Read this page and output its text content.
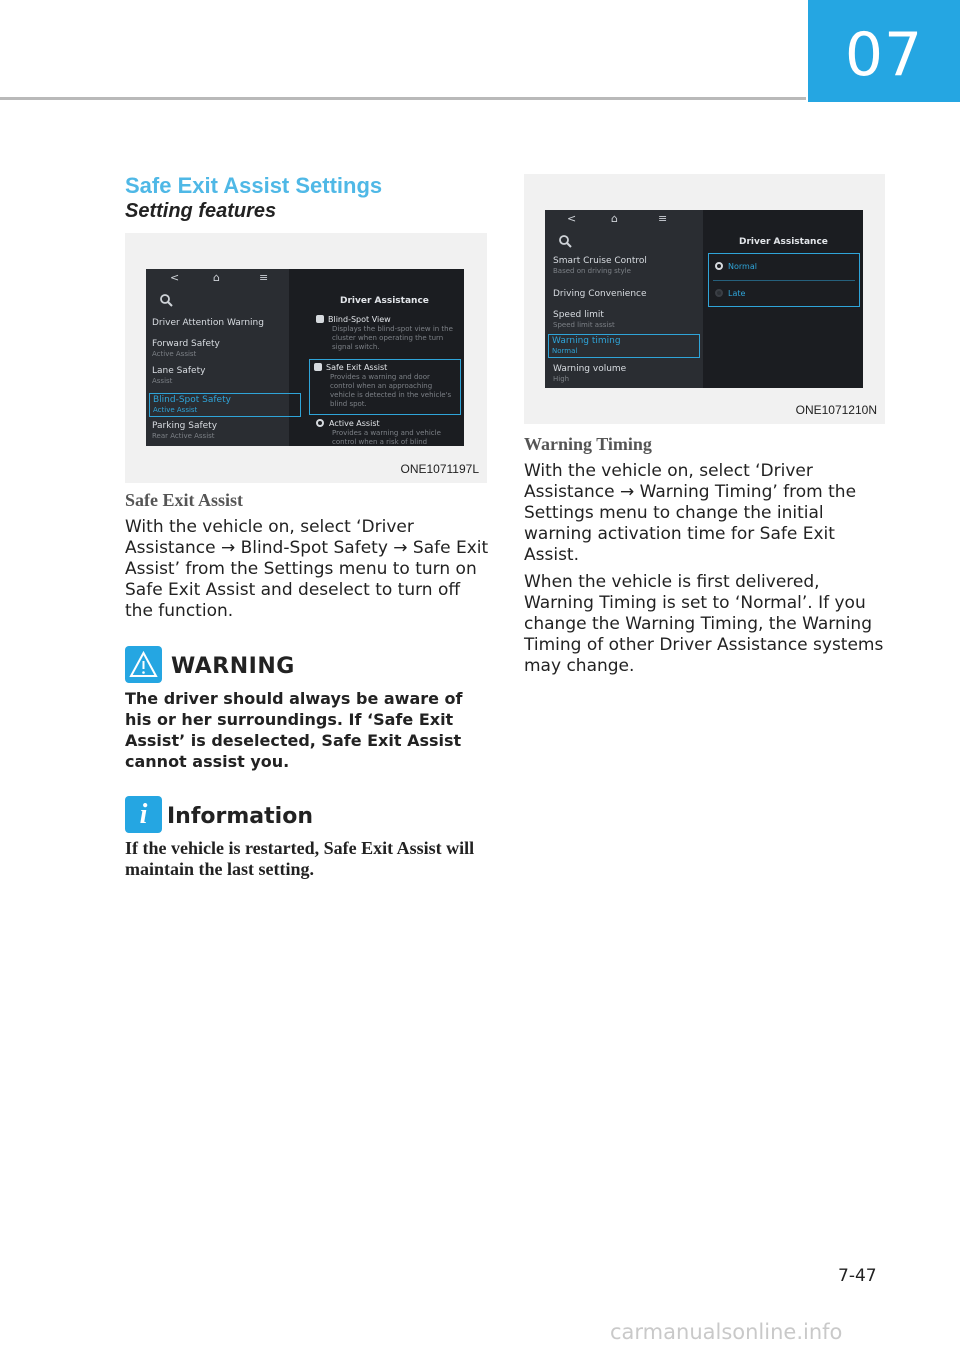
07
Safe Exit Assist Settings
Setting features
<	⌂	≡
Driver Attention Warning
Forward Safety
Active Assist
Lane Safety
Assist
Blind-Spot Safety
Active Assist
Parking Safety
Rear Active Assist
Driver Assistance
Blind-Spot View
Displays the blind-spot view in the cluster when operating the turn signal switch.
Safe Exit Assist
Provides a warning and door control when an approaching vehicle is detected in the vehicle's blind spot.
Active Assist
Provides a warning and vehicle control when a risk of blind
ONE1071197L
Safe Exit Assist
With the vehicle on, select ‘Driver Assistance → Blind-Spot Safety → Safe Exit Assist’ from the Settings menu to turn on Safe Exit Assist and deselect to turn off the function.
WARNING
The driver should always be aware of his or her surroundings. If ‘Safe Exit Assist’ is deselected, Safe Exit Assist cannot assist you.
i Information
If the vehicle is restarted, Safe Exit Assist will maintain the last setting.
<	⌂	≡
Smart Cruise Control
Based on driving style
Driving Convenience
Speed limit
Speed limit assist
Warning timing
Normal
Warning volume
High
Driver Assistance
Normal
Late
ONE1071210N
Warning Timing
With the vehicle on, select ‘Driver Assistance → Warning Timing’ from the Settings menu to change the initial warning activation time for Safe Exit Assist.
When the vehicle is first delivered, Warning Timing is set to ‘Normal’. If you change the Warning Timing, the Warning Timing of other Driver Assistance systems may change.
7-47
carmanualsonline.info
